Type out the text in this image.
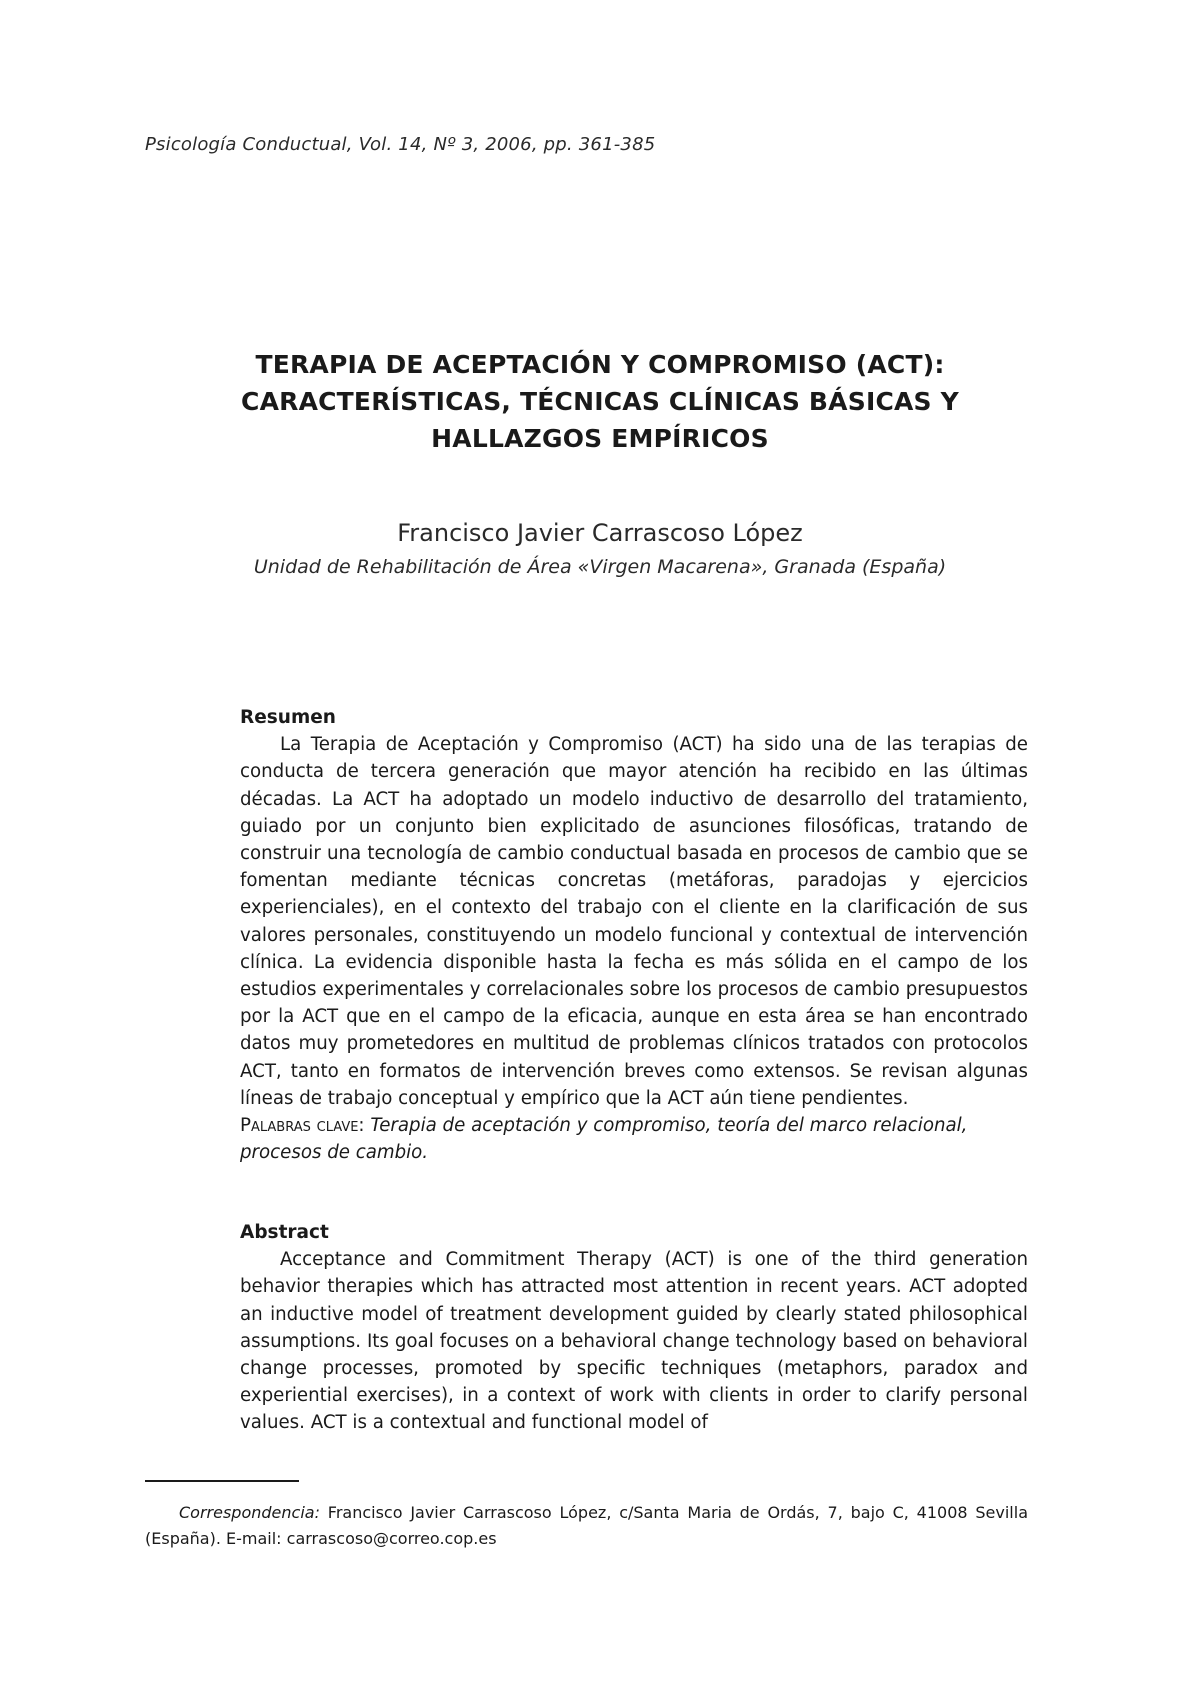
Psicología Conductual, Vol. 14, Nº 3, 2006, pp. 361-385
TERAPIA DE ACEPTACIÓN Y COMPROMISO (ACT):
CARACTERÍSTICAS, TÉCNICAS CLÍNICAS BÁSICAS Y
HALLAZGOS EMPÍRICOS
Francisco Javier Carrascoso López
Unidad de Rehabilitación de Área «Virgen Macarena», Granada (España)
Resumen

La Terapia de Aceptación y Compromiso (ACT) ha sido una de las terapias de conducta de tercera generación que mayor atención ha recibido en las últimas décadas. La ACT ha adoptado un modelo inductivo de desarrollo del tratamiento, guiado por un conjunto bien explicitado de asunciones filosóficas, tratando de construir una tecnología de cambio conductual basada en procesos de cambio que se fomentan mediante técnicas concretas (metáforas, paradojas y ejercicios experienciales), en el contexto del trabajo con el cliente en la clarificación de sus valores personales, constituyendo un modelo funcional y contextual de intervención clínica. La evidencia disponible hasta la fecha es más sólida en el campo de los estudios experimentales y correlacionales sobre los procesos de cambio presupuestos por la ACT que en el campo de la eficacia, aunque en esta área se han encontrado datos muy prometedores en multitud de problemas clínicos tratados con protocolos ACT, tanto en formatos de intervención breves como extensos. Se revisan algunas líneas de trabajo conceptual y empírico que la ACT aún tiene pendientes.

Palabras clave: Terapia de aceptación y compromiso, teoría del marco relacional, procesos de cambio.
Abstract

Acceptance and Commitment Therapy (ACT) is one of the third generation behavior therapies which has attracted most attention in recent years. ACT adopted an inductive model of treatment development guided by clearly stated philosophical assumptions. Its goal focuses on a behavioral change technology based on behavioral change processes, promoted by specific techniques (metaphors, paradox and experiential exercises), in a context of work with clients in order to clarify personal values. ACT is a contextual and functional model of

Correspondencia: Francisco Javier Carrascoso López, c/Santa Maria de Ordás, 7, bajo C, 41008 Sevilla (España). E-mail: carrascoso@correo.cop.es
